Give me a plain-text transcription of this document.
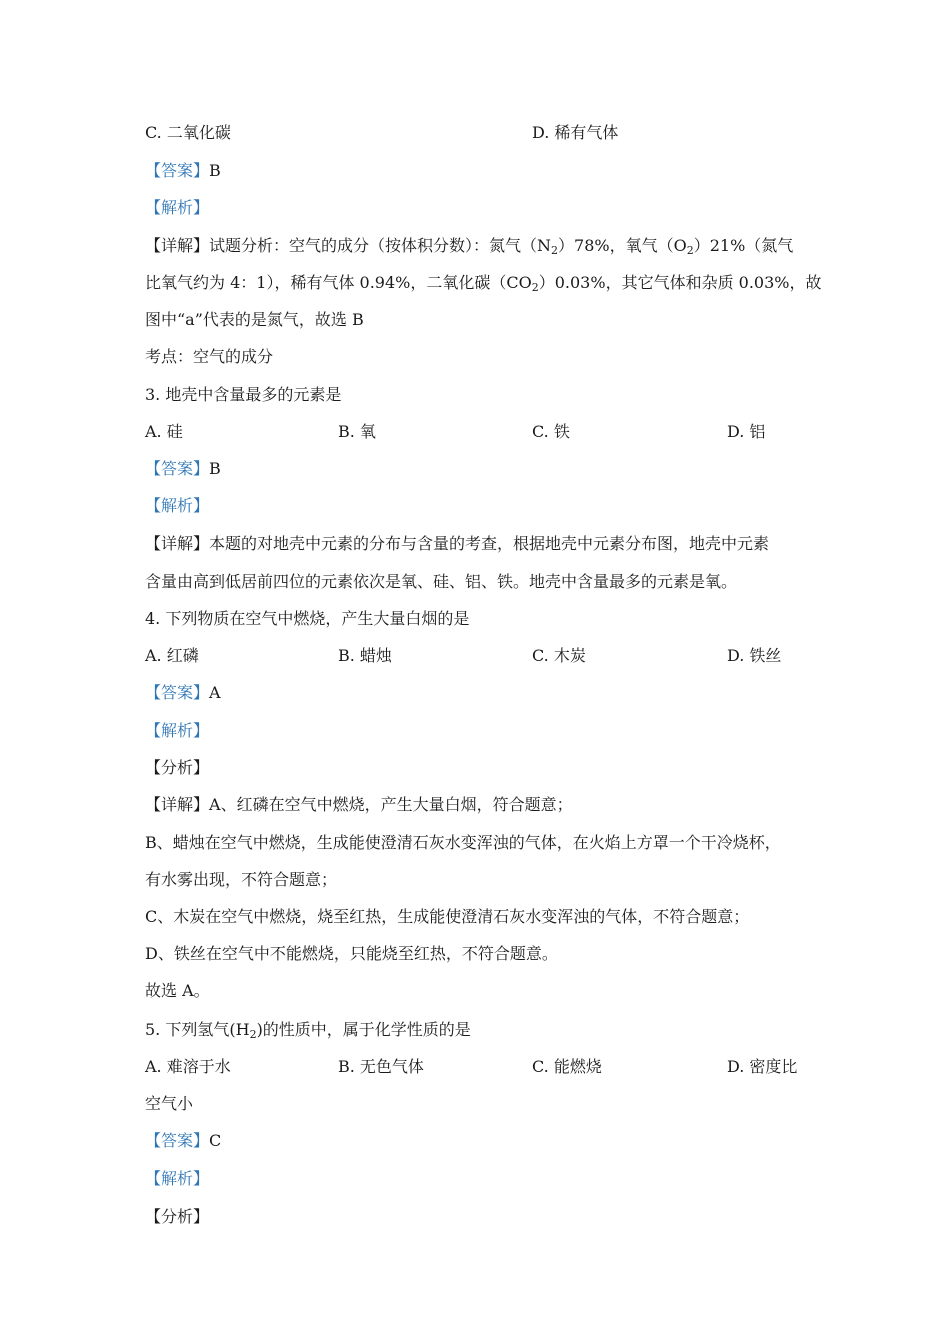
C. 二氧化碳	D. 稀有气体
【答案】B
【解析】
【详解】试题分析：空气的成分（按体积分数）：氮气$(N_2)78\%$，氧气$(O_2)21\%$（氮气
比氧气约为 4：1），稀有气体 0.94%，二氧化碳$(CO_2)0.03\%$，其它气体和杂质 0.03%，故
图中“a”代表的是氮气，故选 B
考点：空气的成分
3. 地壳中含量最多的元素是
A. 硅	B. 氧	C. 铁	D. 铝
【答案】B
【解析】
【详解】本题的对地壳中元素的分布与含量的考查，根据地壳中元素分布图，地壳中元素
含量由高到低居前四位的元素依次是氧、硅、铝、铁。地壳中含量最多的元素是氧。
4. 下列物质在空气中燃烧，产生大量白烟的是
A. 红磷	B. 蜡烛	C. 木炭	D. 铁丝
【答案】A
【解析】
【分析】
【详解】A、红磷在空气中燃烧，产生大量白烟，符合题意；
B、蜡烛在空气中燃烧，生成能使澄清石灰水变浑浊的气体，在火焰上方罩一个干冷烧杯，
有水雾出现，不符合题意；
C、木炭在空气中燃烧，烧至红热，生成能使澄清石灰水变浑浊的气体，不符合题意；
D、铁丝在空气中不能燃烧，只能烧至红热，不符合题意。
故选 A。
5. 下列氢气$(H_2)$的性质中，属于化学性质的是
A. 难溶于水	B. 无色气体	C. 能燃烧	D. 密度比
空气小
【答案】C
【解析】
【分析】
